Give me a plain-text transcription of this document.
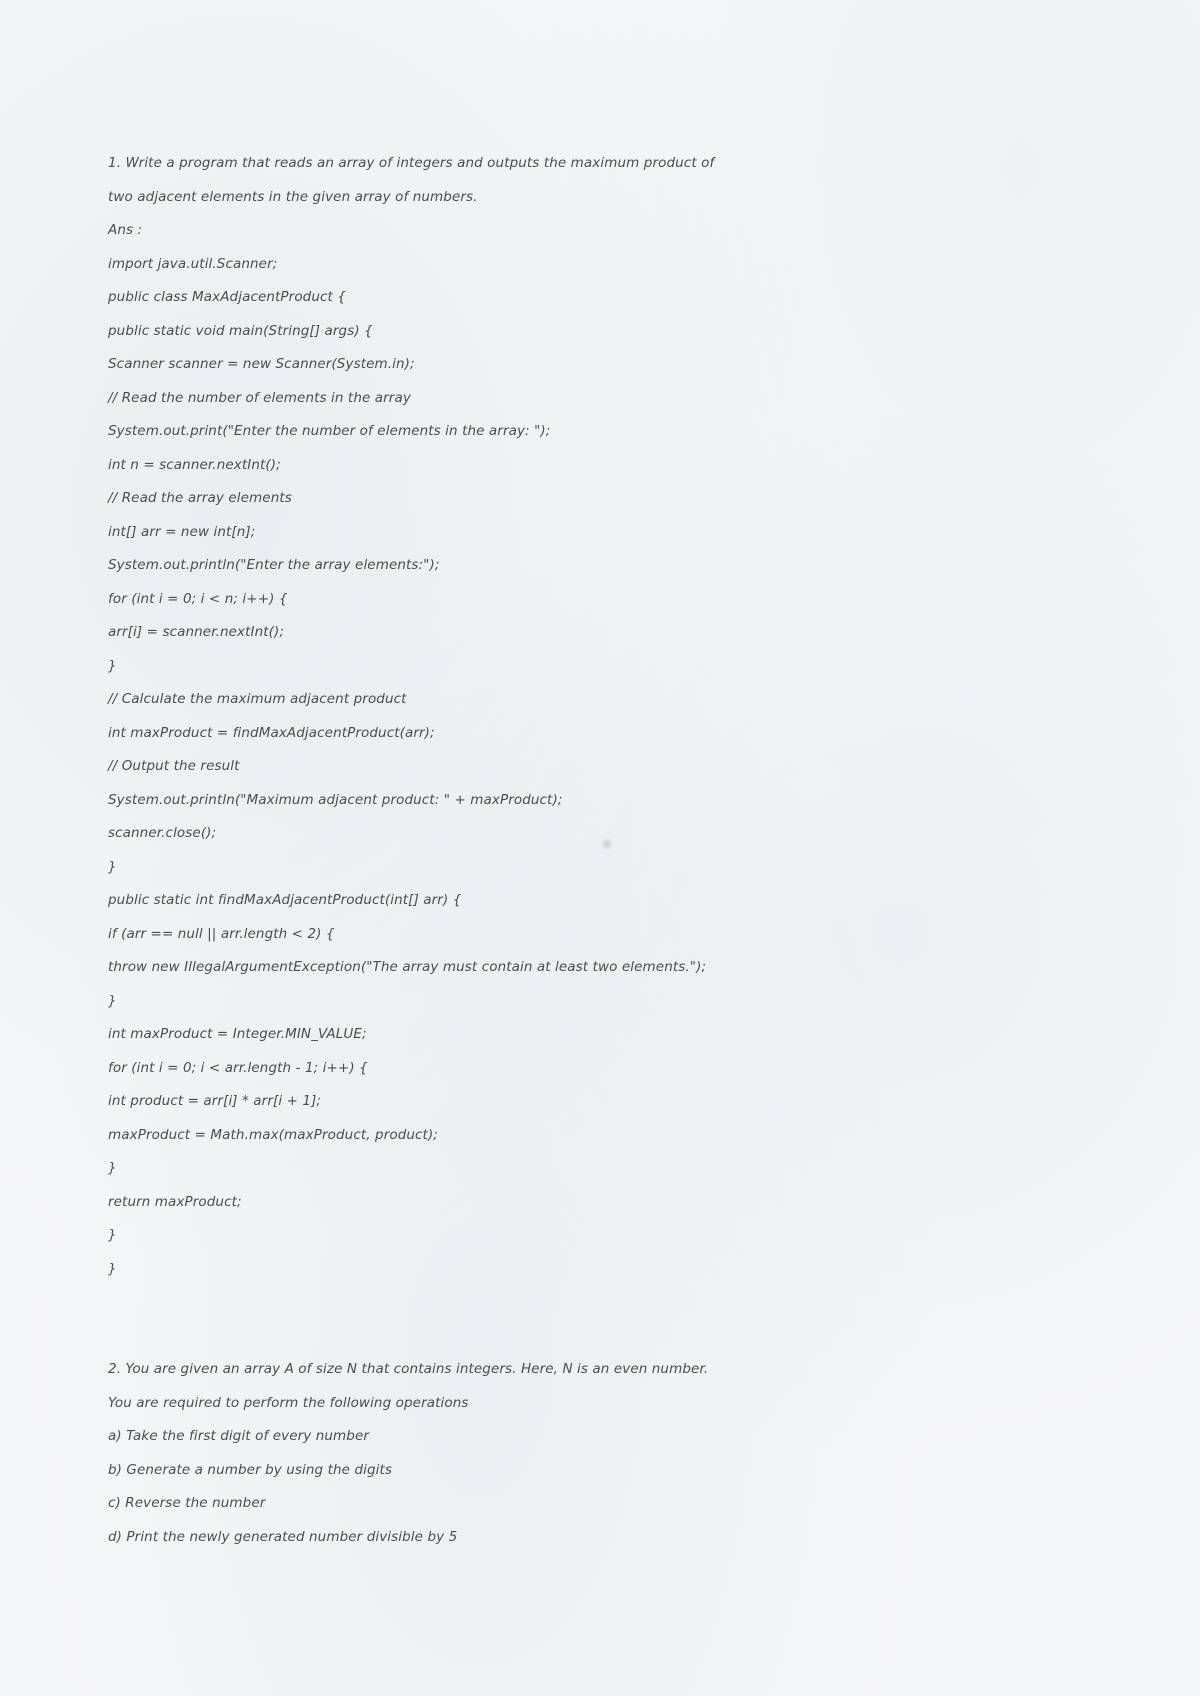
1. Write a program that reads an array of integers and outputs the maximum product of
two adjacent elements in the given array of numbers.
Ans :
import java.util.Scanner;
public class MaxAdjacentProduct {
public static void main(String[] args) {
Scanner scanner = new Scanner(System.in);
// Read the number of elements in the array
System.out.print("Enter the number of elements in the array: ");
int n = scanner.nextInt();
// Read the array elements
int[] arr = new int[n];
System.out.println("Enter the array elements:");
for (int i = 0; i < n; i++) {
arr[i] = scanner.nextInt();
}
// Calculate the maximum adjacent product
int maxProduct = findMaxAdjacentProduct(arr);
// Output the result
System.out.println("Maximum adjacent product: " + maxProduct);
scanner.close();
}
public static int findMaxAdjacentProduct(int[] arr) {
if (arr == null || arr.length < 2) {
throw new IllegalArgumentException("The array must contain at least two elements.");
}
int maxProduct = Integer.MIN_VALUE;
for (int i = 0; i < arr.length - 1; i++) {
int product = arr[i] * arr[i + 1];
maxProduct = Math.max(maxProduct, product);
}
return maxProduct;
}
}
2. You are given an array A of size N that contains integers. Here, N is an even number.
You are required to perform the following operations
a) Take the first digit of every number
b) Generate a number by using the digits
c) Reverse the number
d) Print the newly generated number divisible by 5
